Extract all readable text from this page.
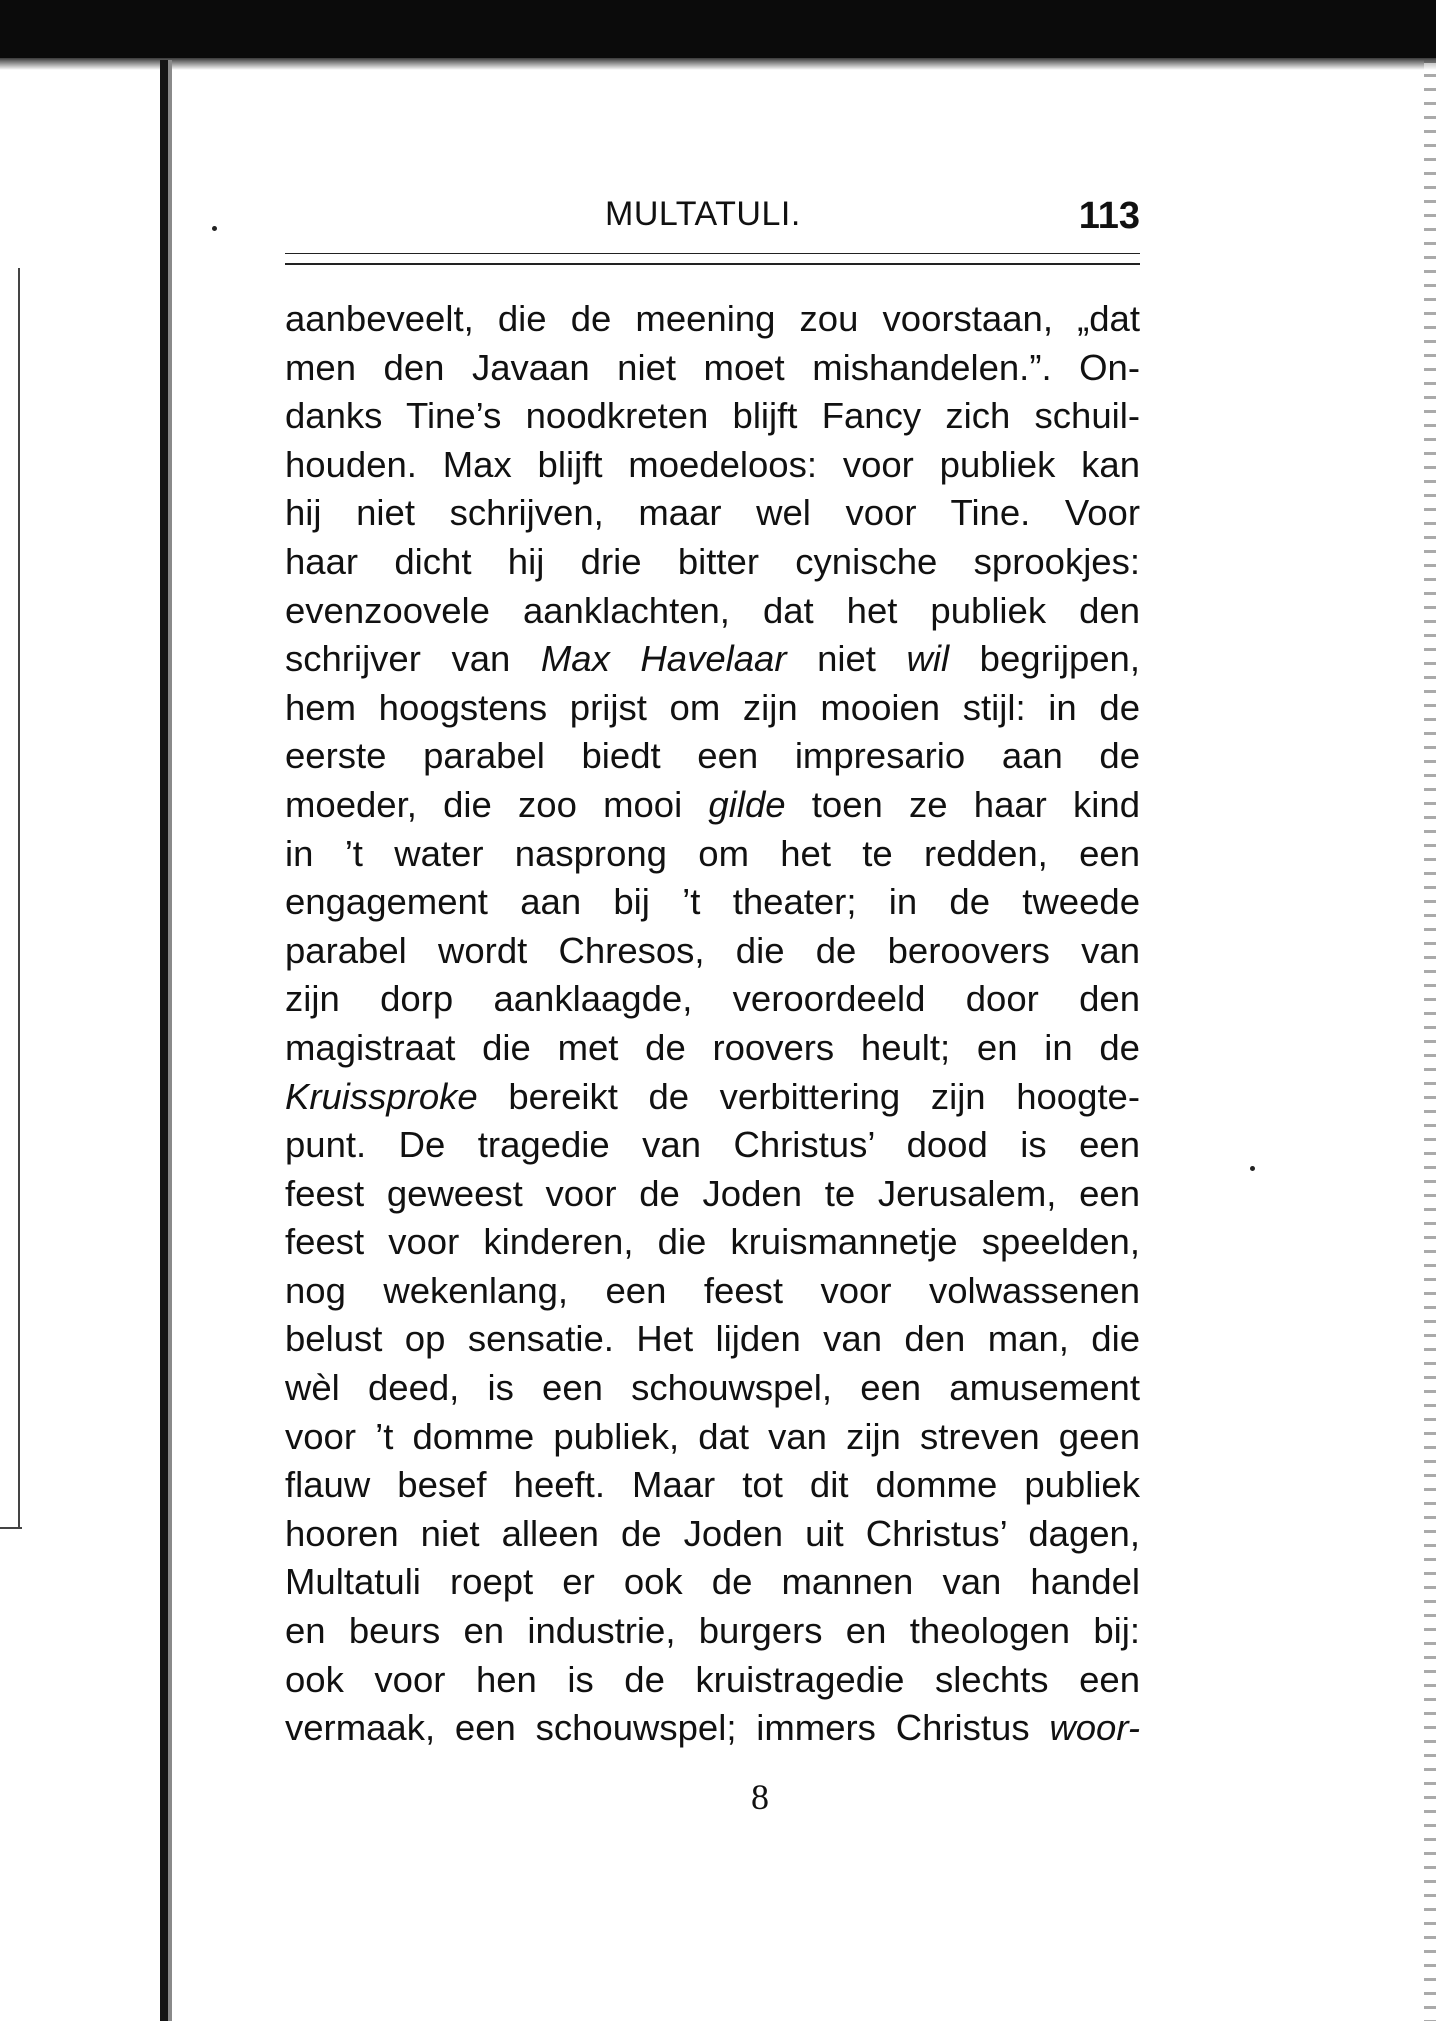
MULTATULI.	113
aanbeveelt, die de meening zou voorstaan, „dat
men den Javaan niet moet mishandelen.”. On-
danks Tine’s noodkreten blijft Fancy zich schuil-
houden. Max blijft moedeloos: voor publiek kan
hij niet schrijven, maar wel voor Tine. Voor
haar dicht hij drie bitter cynische sprookjes:
evenzoovele aanklachten, dat het publiek den
schrijver van Max Havelaar niet wil begrijpen,
hem hoogstens prijst om zijn mooien stijl: in de
eerste parabel biedt een impresario aan de
moeder, die zoo mooi gilde toen ze haar kind
in ’t water nasprong om het te redden, een
engagement aan bij ’t theater; in de tweede
parabel wordt Chresos, die de beroovers van
zijn dorp aanklaagde, veroordeeld door den
magistraat die met de roovers heult; en in de
Kruissproke bereikt de verbittering zijn hoogte-
punt. De tragedie van Christus’ dood is een
feest geweest voor de Joden te Jerusalem, een
feest voor kinderen, die kruismannetje speelden,
nog wekenlang, een feest voor volwassenen
belust op sensatie. Het lijden van den man, die
wèl deed, is een schouwspel, een amusement
voor ’t domme publiek, dat van zijn streven geen
flauw besef heeft. Maar tot dit domme publiek
hooren niet alleen de Joden uit Christus’ dagen,
Multatuli roept er ook de mannen van handel
en beurs en industrie, burgers en theologen bij:
ook voor hen is de kruistragedie slechts een
vermaak, een schouwspel; immers Christus woor-
8
